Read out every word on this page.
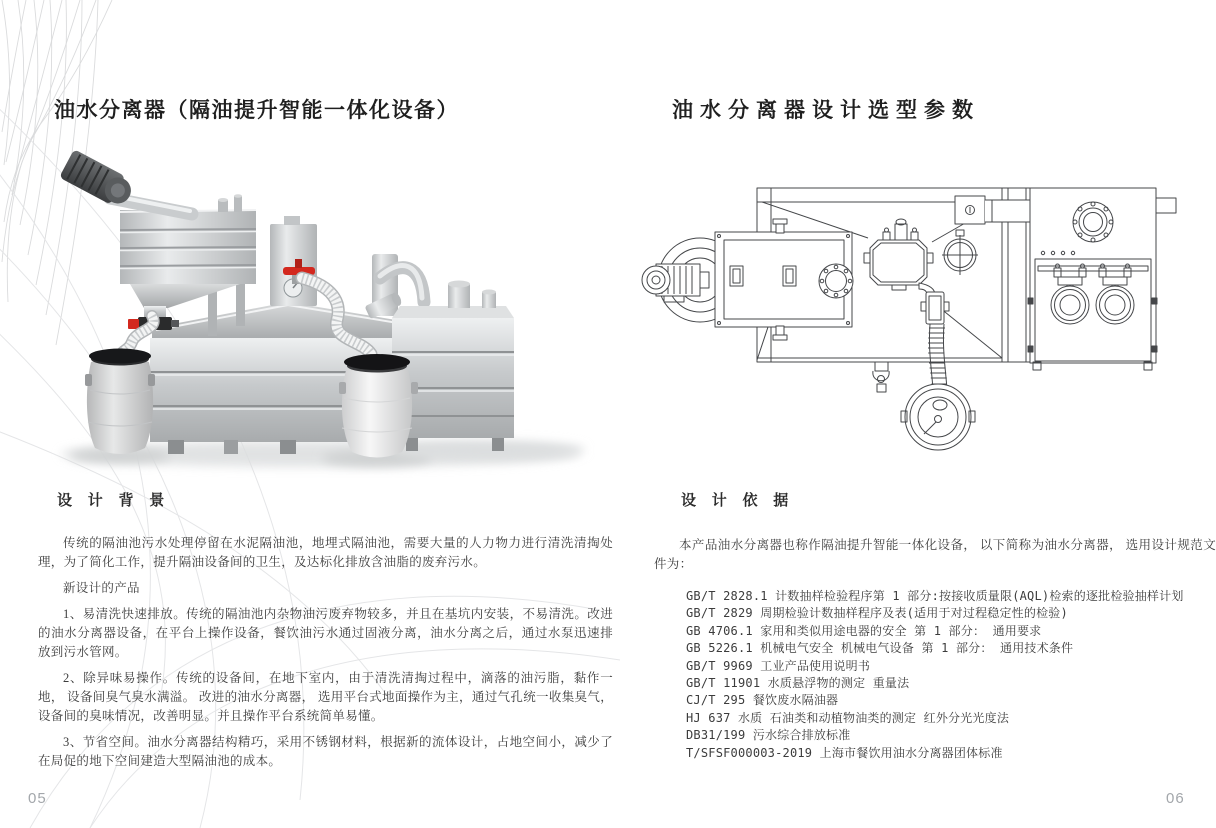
油水分离器（隔油提升智能一体化设备）
设 计 背 景

传统的隔油池污水处理停留在水泥隔油池，地埋式隔油池，需要大量的人力物力进行清洗清掏处理，为了简化工作，提升隔油设备间的卫生，及达标化排放含油脂的废弃污水。

新设计的产品

1、易清洗快速排放。传统的隔油池内杂物油污废弃物较多，并且在基坑内安装，不易清洗。改进的油水分离器设备，在平台上操作设备，餐饮油污水通过固液分离，油水分离之后，通过水泵迅速排放到污水管网。

2、除异味易操作。传统的设备间，在地下室内，由于清洗清掏过程中，滴落的油污脂，黏作一地， 设备间臭气臭水满溢。 改进的油水分离器， 选用平台式地面操作为主，通过气孔统一收集臭气，设备间的臭味情况，改善明显。并且操作平台系统简单易懂。

3、节省空间。油水分离器结构精巧，采用不锈钢材料，根据新的流体设计，占地空间小，减少了在局促的地下空间建造大型隔油池的成本。

05
油水分离器设计选型参数
设 计 依 据

本产品油水分离器也称作隔油提升智能一体化设备， 以下简称为油水分离器， 选用设计规范文件为：

GB/T 2828.1 计数抽样检验程序第 1 部分:按接收质量限(AQL)检索的逐批检验抽样计划
GB/T 2829 周期检验计数抽样程序及表(适用于对过程稳定性的检验)
GB 4706.1 家用和类似用途电器的安全 第 1 部分： 通用要求
GB 5226.1 机械电气安全 机械电气设备 第 1 部分： 通用技术条件
GB/T 9969 工业产品使用说明书
GB/T 11901 水质悬浮物的测定 重量法
CJ/T 295 餐饮废水隔油器
HJ 637 水质 石油类和动植物油类的测定 红外分光光度法
DB31/199 污水综合排放标准
T/SFSF000003-2019 上海市餐饮用油水分离器团体标准
06
